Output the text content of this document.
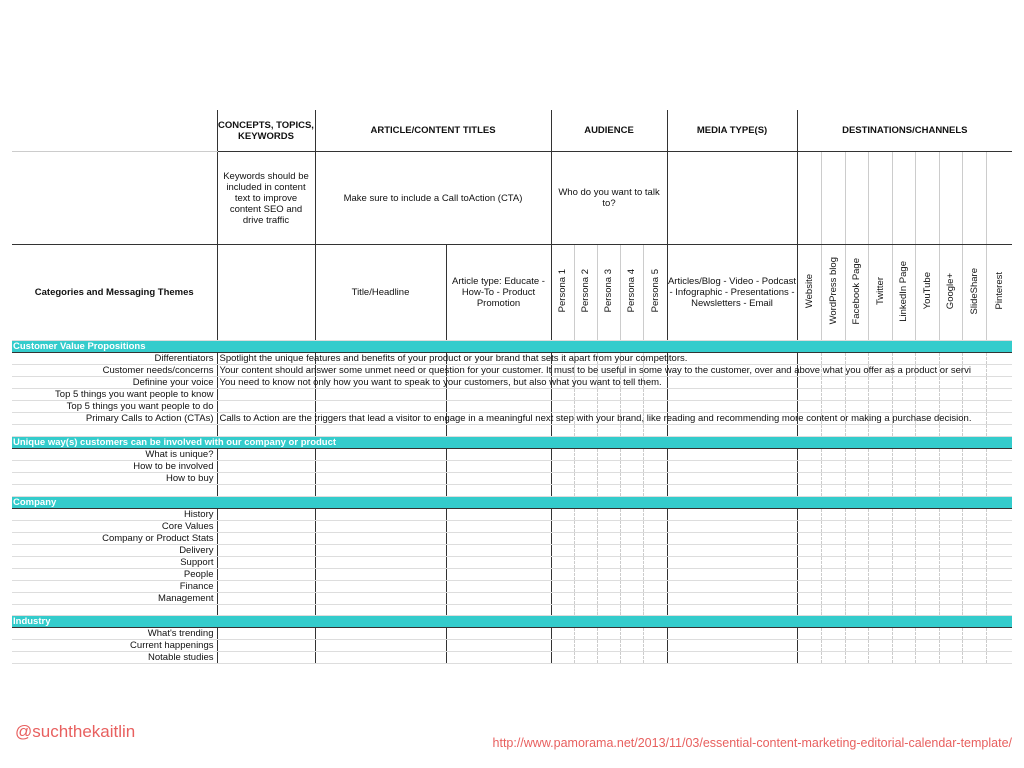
	CONCEPTS, TOPICS, KEYWORDS	ARTICLE/CONTENT TITLES		AUDIENCE					MEDIA TYPE(S)	DESTINATIONS/CHANNELS								
	Keywords should be included in content text to improve content SEO and drive traffic	Make sure to include a Call toAction (CTA)		Who do you want to talk to?														
Categories and Messaging Themes		Title/Headline	Article type: Educate - How-To - Product Promotion	Persona 1	Persona 2	Persona 3	Persona 4	Persona 5	Articles/Blog - Video - Podcast - Infographic - Presentations - Newsletters - Email	Website	WordPress blog	Facebook Page	Twitter	LinkedIn Page	YouTube	Google+	SlideShare	Pinterest
Customer Value Propositions																		
Differentiators	Spotlight the unique features and benefits of your product or your brand that sets it apart from your competitors.																	
Customer needs/concerns	Your content should answer some unmet need or question for your customer. It must to be useful in some way to the customer, over and above what you offer as a product or servi																	
Definine your voice	You need to know not only how you want to speak to your customers, but also what you want to tell them.																	
Top 5 things you want people to know																		
Top 5 things you want people to do																		
Primary Calls to Action (CTAs)	Calls to Action are the triggers that lead a visitor to engage in a meaningful next step with your brand, like reading and recommending more content or making a purchase decision.																	

Unique way(s) customers can be involved with our company or product																		
What is unique?																		
How to be involved																		
How to buy																		

Company																		
History																		
Core Values																		
Company or Product Stats																		
Delivery																		
Support																		
People																		
Finance																		
Management																		

Industry																		
What's trending																		
Current happenings																		
Notable studies																		
@suchthekaitlin
http://www.pamorama.net/2013/11/03/essential-content-marketing-editorial-calendar-template/
